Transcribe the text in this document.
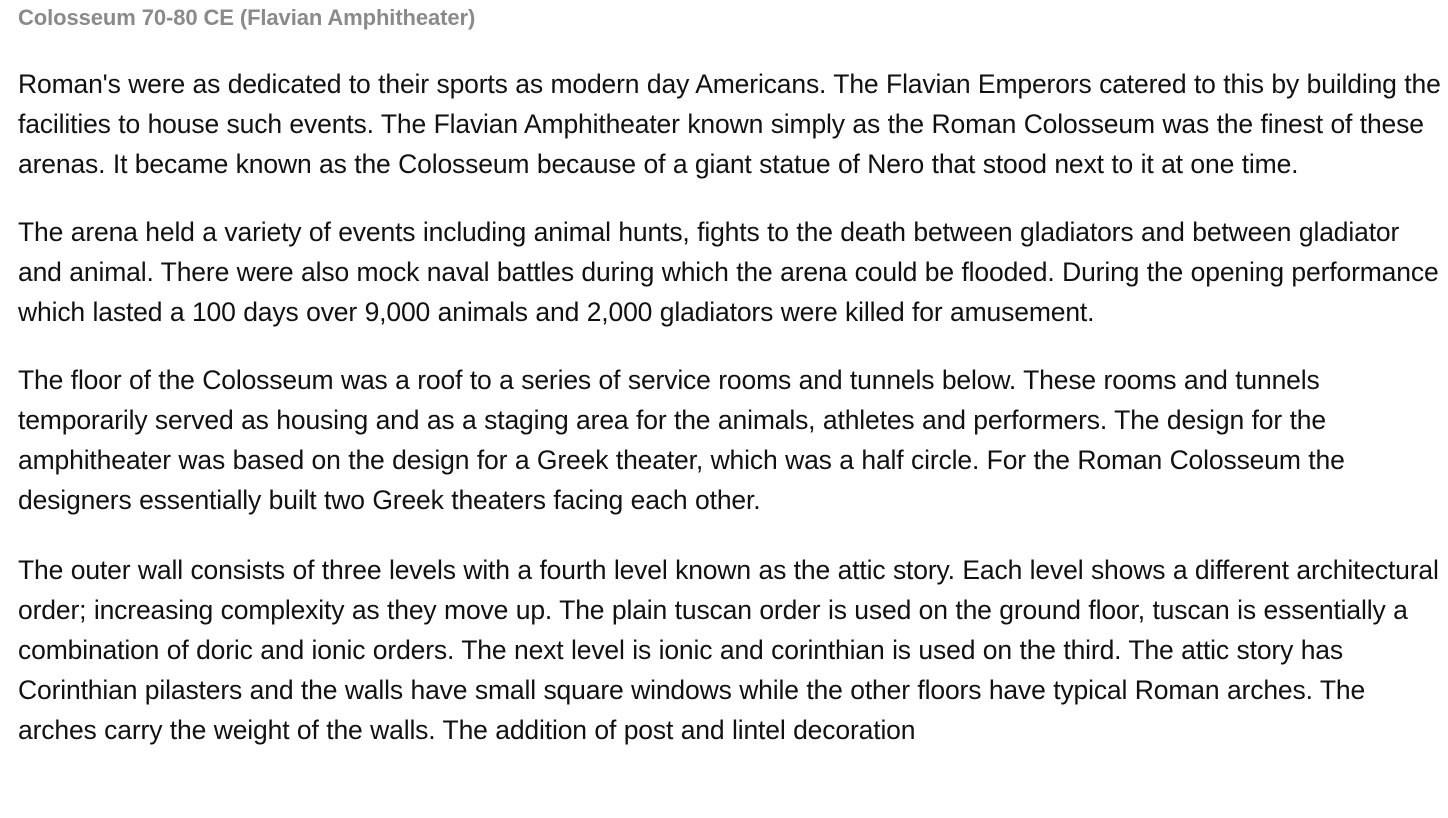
Colosseum 70-80 CE (Flavian Amphitheater)

Roman's were as dedicated to their sports as modern day Americans. The Flavian Emperors catered to this by building the facilities to house such events. The Flavian Amphitheater known simply as the Roman Colosseum was the finest of these arenas. It became known as the Colosseum because of a giant statue of Nero that stood next to it at one time.

The arena held a variety of events including animal hunts, fights to the death between gladiators and between gladiator and animal. There were also mock naval battles during which the arena could be flooded. During the opening performance which lasted a 100 days over 9,000 animals and 2,000 gladiators were killed for amusement.

The floor of the Colosseum was a roof to a series of service rooms and tunnels below. These rooms and tunnels temporarily served as housing and as a staging area for the animals, athletes and performers. The design for the amphitheater was based on the design for a Greek theater, which was a half circle. For the Roman Colosseum the designers essentially built two Greek theaters facing each other.

The outer wall consists of three levels with a fourth level known as the attic story. Each level shows a different architectural order; increasing complexity as they move up. The plain tuscan order is used on the ground floor, tuscan is essentially a combination of doric and ionic orders. The next level is ionic and corinthian is used on the third. The attic story has Corinthian pilasters and the walls have small square windows while the other floors have typical Roman arches. The arches carry the weight of the walls. The addition of post and lintel decoration
